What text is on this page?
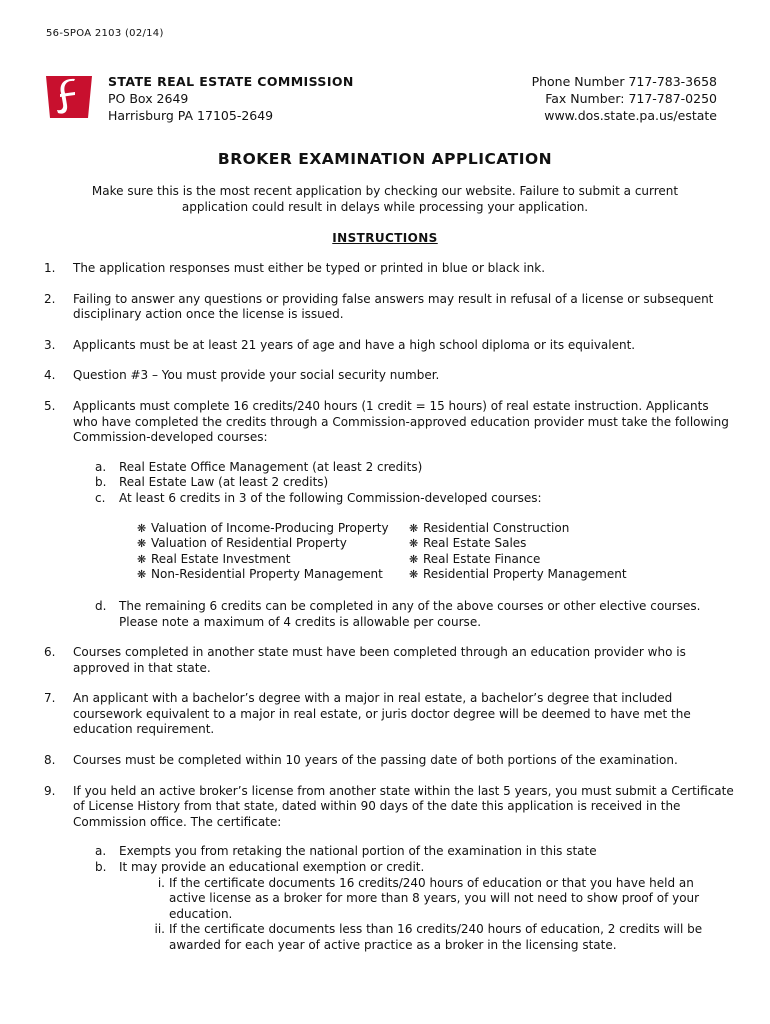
56-SPOA 2103 (02/14)
STATE REAL ESTATE COMMISSION
PO Box 2649
Harrisburg PA 17105-2649
Phone Number 717-783-3658
Fax Number: 717-787-0250
www.dos.state.pa.us/estate
BROKER EXAMINATION APPLICATION
Make sure this is the most recent application by checking our website. Failure to submit a current application could result in delays while processing your application.
INSTRUCTIONS
1.	The application responses must either be typed or printed in blue or black ink.
2.	Failing to answer any questions or providing false answers may result in refusal of a license or subsequent disciplinary action once the license is issued.
3.	Applicants must be at least 21 years of age and have a high school diploma or its equivalent.
4.	Question #3 – You must provide your social security number.
5.	Applicants must complete 16 credits/240 hours (1 credit = 15 hours) of real estate instruction. Applicants who have completed the credits through a Commission-approved education provider must take the following Commission-developed courses:
a.	Real Estate Office Management (at least 2 credits)
b.	Real Estate Law (at least 2 credits)
c.	At least 6 credits in 3 of the following Commission-developed courses:
❋ Valuation of Income-Producing Property ❋ Residential Construction
❋ Valuation of Residential Property	❋ Real Estate Sales
❋ Real Estate Investment	❋ Real Estate Finance
❋ Non-Residential Property Management ❋ Residential Property Management
d.	The remaining 6 credits can be completed in any of the above courses or other elective courses. Please note a maximum of 4 credits is allowable per course.
6.	Courses completed in another state must have been completed through an education provider who is approved in that state.
7.	An applicant with a bachelor’s degree with a major in real estate, a bachelor’s degree that included coursework equivalent to a major in real estate, or juris doctor degree will be deemed to have met the education requirement.
8.	Courses must be completed within 10 years of the passing date of both portions of the examination.
9.	If you held an active broker’s license from another state within the last 5 years, you must submit a Certificate of License History from that state, dated within 90 days of the date this application is received in the Commission office. The certificate:
a.	Exempts you from retaking the national portion of the examination in this state
b.	It may provide an educational exemption or credit.
i. If the certificate documents 16 credits/240 hours of education or that you have held an active license as a broker for more than 8 years, you will not need to show proof of your education.
ii. If the certificate documents less than 16 credits/240 hours of education, 2 credits will be awarded for each year of active practice as a broker in the licensing state.
